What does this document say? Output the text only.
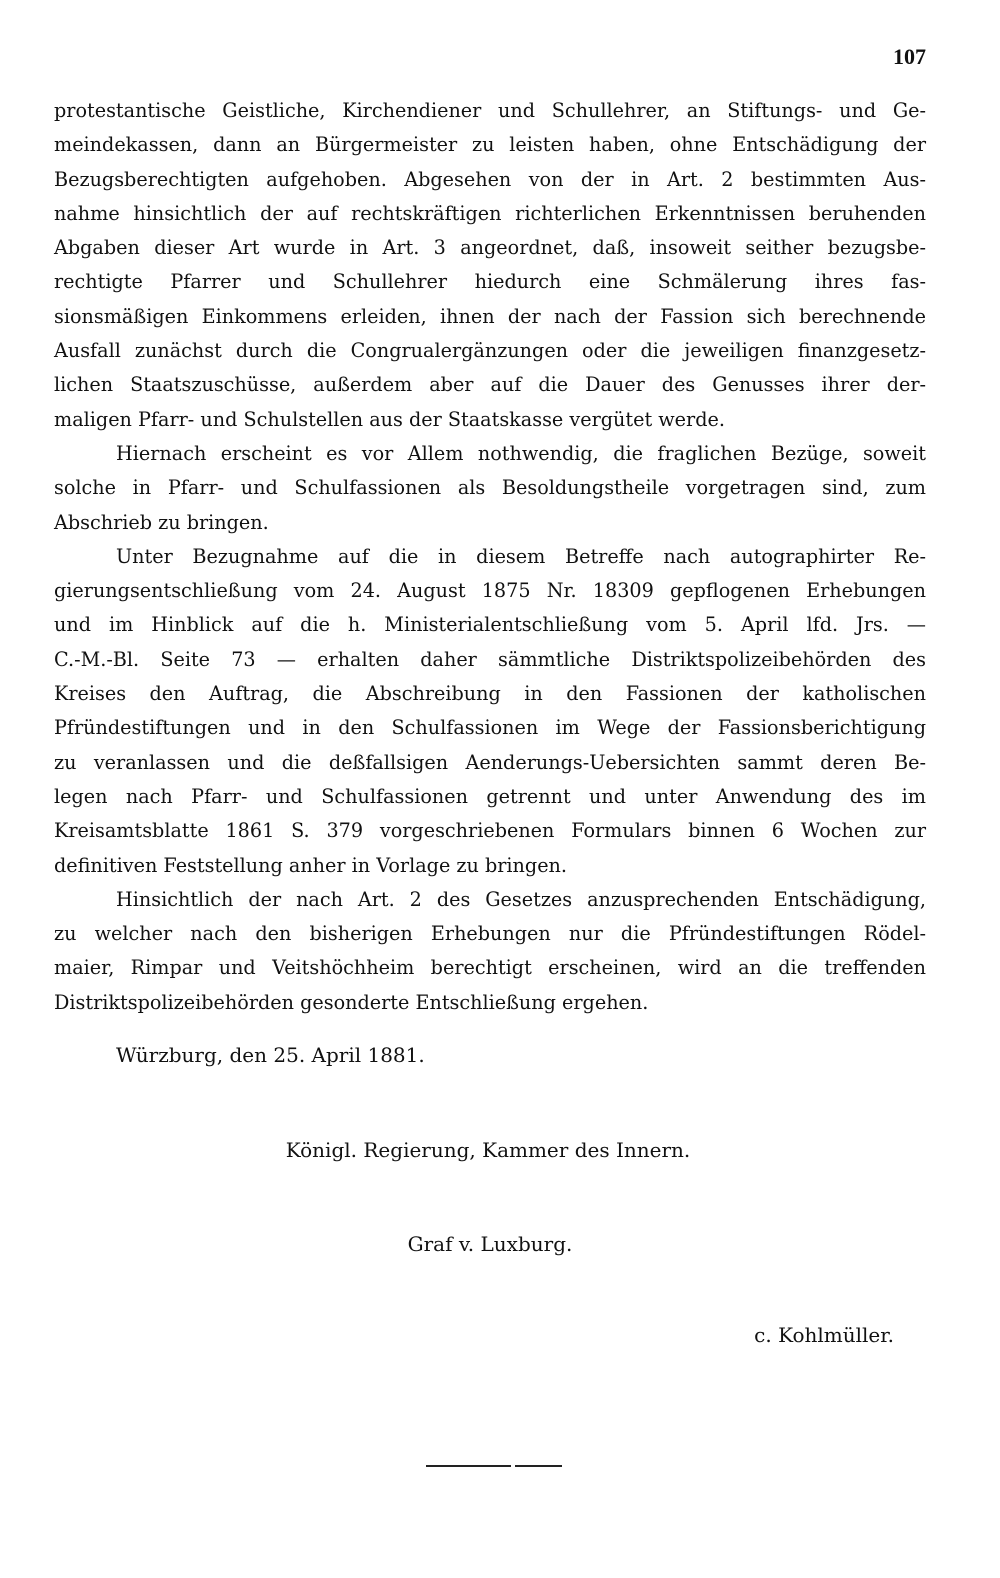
107
protestantische Geistliche, Kirchendiener und Schullehrer, an Stiftungs- und Ge-
meindekassen, dann an Bürgermeister zu leisten haben, ohne Entschädigung der
Bezugsberechtigten aufgehoben. Abgesehen von der in Art. 2 bestimmten Aus-
nahme hinsichtlich der auf rechtskräftigen richterlichen Erkenntnissen beruhenden
Abgaben dieser Art wurde in Art. 3 angeordnet, daß, insoweit seither bezugsbe-
rechtigte Pfarrer und Schullehrer hiedurch eine Schmälerung ihres fas-
sionsmäßigen Einkommens erleiden, ihnen der nach der Fassion sich berechnende
Ausfall zunächst durch die Congrualergänzungen oder die jeweiligen finanzgesetz-
lichen Staatszuschüsse, außerdem aber auf die Dauer des Genusses ihrer der-
maligen Pfarr- und Schulstellen aus der Staatskasse vergütet werde.
Hiernach erscheint es vor Allem nothwendig, die fraglichen Bezüge, soweit
solche in Pfarr- und Schulfassionen als Besoldungstheile vorgetragen sind, zum
Abschrieb zu bringen.
Unter Bezugnahme auf die in diesem Betreffe nach autographirter Re-
gierungsentschließung vom 24. August 1875 Nr. 18309 gepflogenen Erhebungen
und im Hinblick auf die h. Ministerialentschließung vom 5. April lfd. Jrs. —
C.-M.-Bl. Seite 73 — erhalten daher sämmtliche Distriktspolizeibehörden des
Kreises den Auftrag, die Abschreibung in den Fassionen der katholischen
Pfründestiftungen und in den Schulfassionen im Wege der Fassionsberichtigung
zu veranlassen und die deßfallsigen Aenderungs-Uebersichten sammt deren Be-
legen nach Pfarr- und Schulfassionen getrennt und unter Anwendung des im
Kreisamtsblatte 1861 S. 379 vorgeschriebenen Formulars binnen 6 Wochen zur
definitiven Feststellung anher in Vorlage zu bringen.
Hinsichtlich der nach Art. 2 des Gesetzes anzusprechenden Entschädigung,
zu welcher nach den bisherigen Erhebungen nur die Pfründestiftungen Rödel-
maier, Rimpar und Veitshöchheim berechtigt erscheinen, wird an die treffenden
Distriktspolizeibehörden gesonderte Entschließung ergehen.
Würzburg, den 25. April 1881.
Königl. Regierung, Kammer des Innern.
Graf v. Luxburg.
c. Kohlmüller.
